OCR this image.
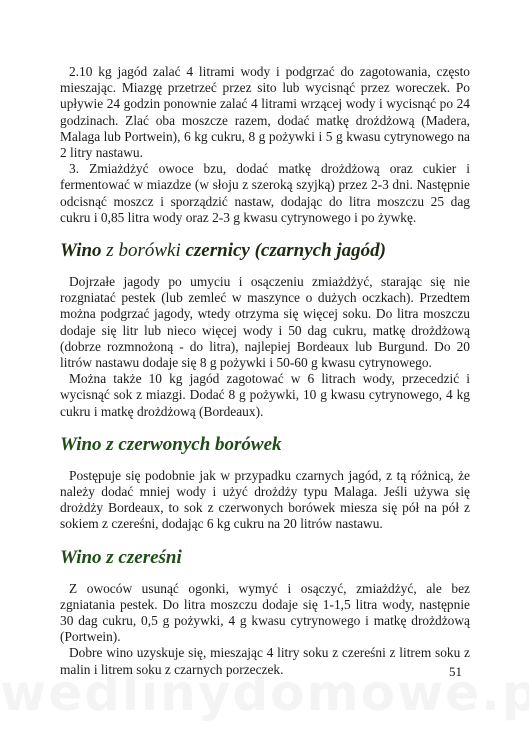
2.10 kg jagód zalać 4 litrami wody i podgrzać do zagotowania, często mieszając. Miazgę przetrzeć przez sito lub wycisnąć przez woreczek. Po upływie 24 godzin ponownie zalać 4 litrami wrzącej wody i wycisnąć po 24 godzinach. Zlać oba moszcze razem, dodać matkę drożdżową (Madera, Malaga lub Portwein), 6 kg cukru, 8 g pożywki i 5 g kwasu cytrynowego na 2 litry nastawu.

3. Zmiażdżyć owoce bzu, dodać matkę drożdżową oraz cukier i fermentować w miazdze (w słoju z szeroką szyjką) przez 2-3 dni. Następnie odcisnąć moszcz i sporządzić nastaw, dodając do litra moszczu 25 dag cukru i 0,85 litra wody oraz 2-3 g kwasu cytrynowego i po żywkę.

Wino z borówki czernicy (czarnych jagód)

Dojrzałe jagody po umyciu i osączeniu zmiażdżyć, starając się nie rozgniatać pestek (lub zemleć w maszynce o dużych oczkach). Przedtem można podgrzać jagody, wtedy otrzyma się więcej soku. Do litra moszczu dodaje się litr lub nieco więcej wody i 50 dag cukru, matkę drożdżową (dobrze rozmnożoną - do litra), najlepiej Bordeaux lub Burgund. Do 20 litrów nastawu dodaje się 8 g pożywki i 50-60 g kwasu cytrynowego.

Można także 10 kg jagód zagotować w 6 litrach wody, przecedzić i wycisnąć sok z miazgi. Dodać 8 g pożywki, 10 g kwasu cytrynowego, 4 kg cukru i matkę drożdżową (Bordeaux).

Wino z czerwonych borówek

Postępuje się podobnie jak w przypadku czarnych jagód, z tą różnicą, że należy dodać mniej wody i użyć drożdży typu Malaga. Jeśli używa się drożdży Bordeaux, to sok z czerwonych borówek miesza się pół na pół z sokiem z czereśni, dodając 6 kg cukru na 20 litrów nastawu.

Wino z czereśni

Z owoców usunąć ogonki, wymyć i osączyć, zmiażdżyć, ale bez zgniatania pestek. Do litra moszczu dodaje się 1-1,5 litra wody, następnie 30 dag cukru, 0,5 g pożywki, 4 g kwasu cytrynowego i matkę drożdżową (Portwein).

Dobre wino uzyskuje się, mieszając 4 litry soku z czereśni z litrem soku z malin i litrem soku z czarnych porzeczek.	51
